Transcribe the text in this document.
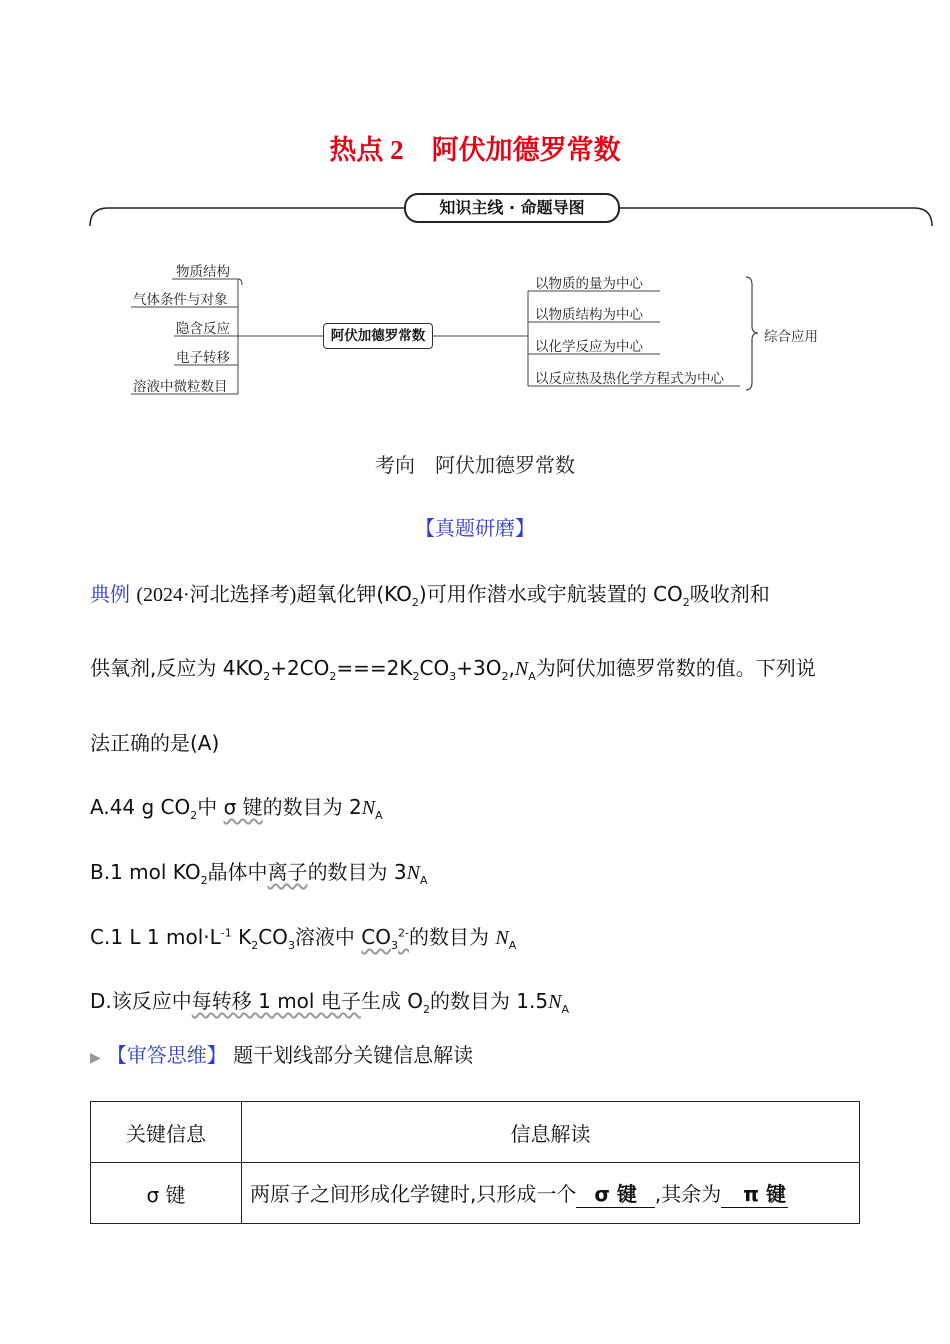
热点 2 阿伏加德罗常数
知识主线 · 命题导图
物质结构
气体条件与对象
隐含反应
电子转移
溶液中微粒数目
阿伏加德罗常数
以物质的量为中心
以物质结构为中心
以化学反应为中心
以反应热及热化学方程式为中心
综合应用
考向　阿伏加德罗常数
【真题研磨】
典例 (2024·河北选择考)超氧化钾$(KO_2)$可用作潜水或宇航装置的 $CO_2$吸收剂和
供氧剂,反应为 $4KO_2+2CO_2===2K_2CO_3+3O_2,N_A$为阿伏加德罗常数的值。下列说
法正确的是(A)
A.44 g $CO_2$中 σ 键的数目为 $2N_A$
B.1 mol $KO_2$晶体中离子的数目为 $3N_A$
C.1 L 1 $mol\cdot L^{-1}$ $K_2CO_3$溶液中 $CO_3^{2-}$的数目为 $N_A$
D.该反应中每转移 1 mol 电子生成 $O_2$的数目为 $1.5N_A$
▶ 【审答思维】 题干划线部分关键信息解读
关键信息	信息解读
σ 键	两原子之间形成化学键时,只形成一个 σ 键 ,其余为 π 键
